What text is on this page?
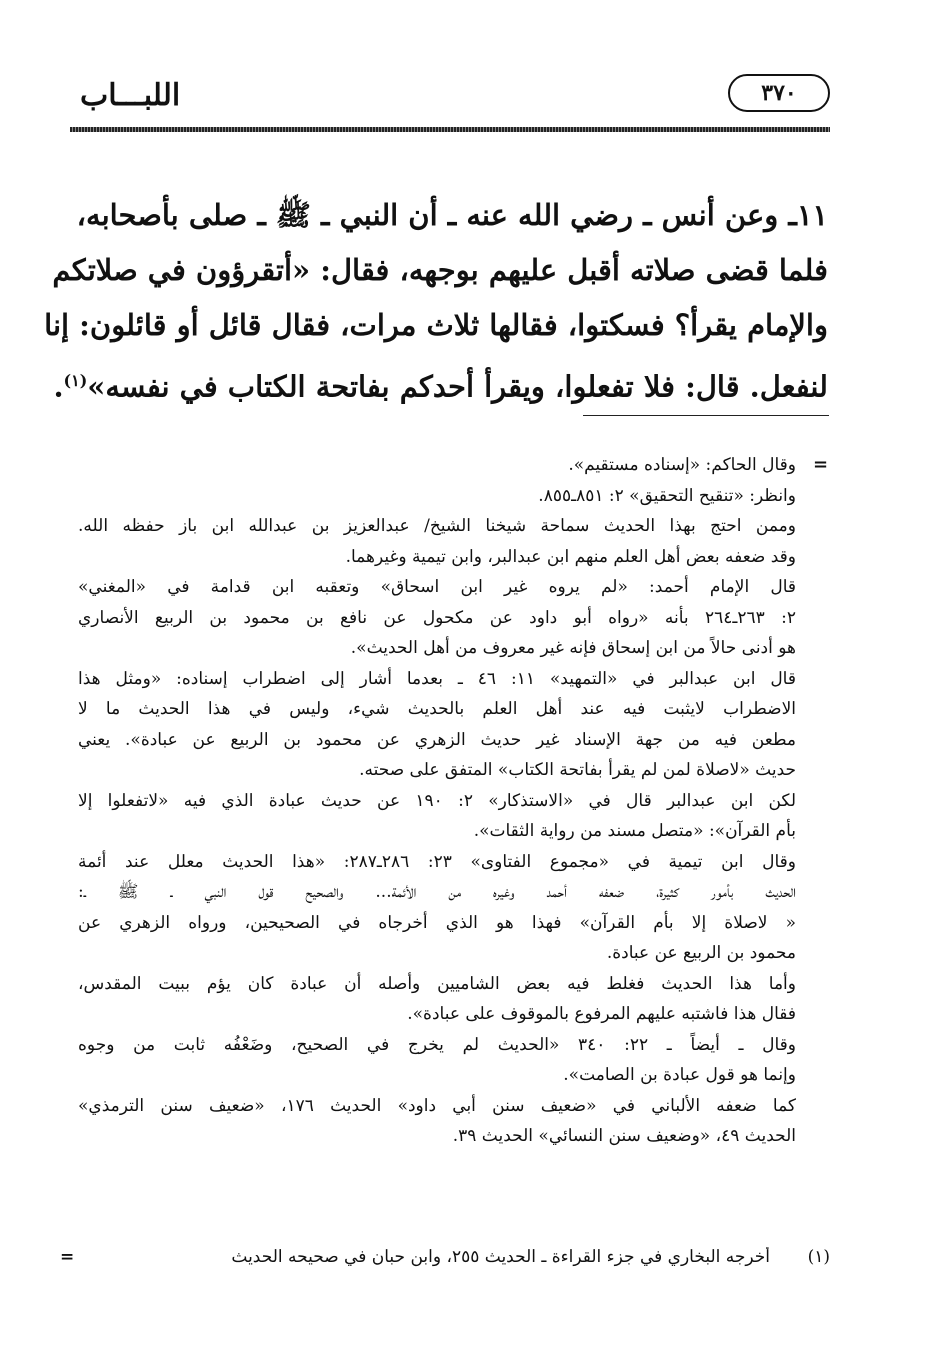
اللبـــاب	٣٧٠
١١ـ وعن أنس ـ رضي الله عنه ـ أن النبي ـ ﷺ ـ صلى بأصحابه،
فلما قضى صلاته أقبل عليهم بوجهه، فقال: «أتقرؤون في صلاتكم
والإمام يقرأ؟ فسكتوا، فقالها ثلاث مرات، فقال قائل أو قائلون: إنا
لنفعل. قال: فلا تفعلوا، ويقرأ أحدكم بفاتحة الكتاب في نفسه»$^{(١)}$.
=
وقال الحاكم: «إسناده مستقيم».
وانظر: «تنقيح التحقيق» ٢: ٨٥١ـ٨٥٥.
وممن احتج بهذا الحديث سماحة شيخنا الشيخ/ عبدالعزيز بن عبدالله ابن باز حفظه الله.
وقد ضعفه بعض أهل العلم منهم ابن عبدالبر، وابن تيمية وغيرهما.
قال الإمام أحمد: «لم يروه غير ابن اسحاق» وتعقبه ابن قدامة في «المغني»
٢: ٢٦٣ـ٢٦٤ بأنه «رواه أبو داود عن مكحول عن نافع بن محمود بن الربيع الأنصاري
هو أدنى حالاً من ابن إسحاق فإنه غير معروف من أهل الحديث».
قال ابن عبدالبر في «التمهيد» ١١: ٤٦ ـ بعدما أشار إلى اضطراب إسناده: «ومثل هذا
الاضطراب لايثبت فيه عند أهل العلم بالحديث شيء، وليس في هذا الحديث ما لا
مطعن فيه من جهة الإسناد غير حديث الزهري عن محمود بن الربيع عن عبادة». يعني
حديث «لاصلاة لمن لم يقرأ بفاتحة الكتاب» المتفق على صحته.
لكن ابن عبدالبر قال في «الاستذكار» ٢: ١٩٠ عن حديث عبادة الذي فيه «لاتفعلوا إلا
بأم القرآن»: «متصل مسند من رواية الثقات».
وقال ابن تيمية في «مجموع الفتاوى» ٢٣: ٢٨٦ـ٢٨٧: «هذا الحديث معلل عند أئمة
الحديث بأمور كثيرة، ضعفه أحمد وغيره من الأئمة... والصحيح قول النبي ـ ﷺ ـ:
« لاصلاة إلا بأم القرآن» فهذا هو الذي أخرجاه في الصحيحين، ورواه الزهري عن
محمود بن الربيع عن عبادة.
وأما هذا الحديث فغلط فيه بعض الشاميين وأصله أن عبادة كان يؤم ببيت المقدس،
فقال هذا فاشتبه عليهم المرفوع بالموقوف على عبادة».
وقال ـ أيضاً ـ ٢٢: ٣٤٠ «الحديث لم يخرج في الصحيح، وضَعْفُه ثابت من وجوه
وإنما هو قول عبادة بن الصامت».
كما ضعفه الألباني في «ضعيف سنن أبي داود» الحديث ١٧٦، «ضعيف سنن الترمذي»
الحديث ٤٩، «وضعيف سنن النسائي» الحديث ٣٩.
(١)
أخرجه البخاري في جزء القراءة ـ الحديث ٢٥٥، وابن حبان في صحيحه الحديث
=
